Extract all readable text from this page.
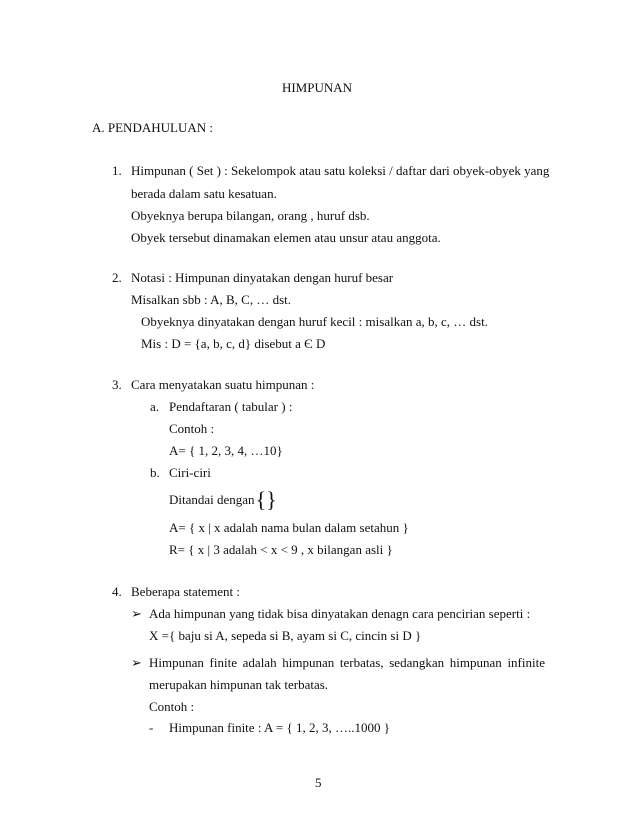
HIMPUNAN
A. PENDAHULUAN :
1. Himpunan ( Set ) : Sekelompok atau satu koleksi / daftar dari obyek-obyek yang
berada dalam satu kesatuan.
Obyeknya berupa bilangan, orang , huruf dsb.
Obyek tersebut dinamakan elemen atau unsur atau anggota.
2. Notasi : Himpunan dinyatakan dengan huruf besar
Misalkan sbb : A, B, C, … dst.
Obyeknya dinyatakan dengan huruf kecil : misalkan a, b, c, … dst.
Mis : D = {a, b, c, d} disebut a Є D
3. Cara menyatakan suatu himpunan :
a. Pendaftaran ( tabular ) :
Contoh :
A= { 1, 2, 3, 4, …10}
b. Ciri-ciri
Ditandai dengan{}
A= { x | x adalah nama bulan dalam setahun }
R= { x | 3 adalah < x < 9 , x bilangan asli }
4. Beberapa statement :
➢ Ada himpunan yang tidak bisa dinyatakan denagn cara pencirian seperti :
X ={ baju si A, sepeda si B, ayam si C, cincin si D }
➢ Himpunan finite adalah himpunan terbatas, sedangkan himpunan infinite
merupakan himpunan tak terbatas.
Contoh :
- Himpunan finite : A = { 1, 2, 3, …..1000 }
5
